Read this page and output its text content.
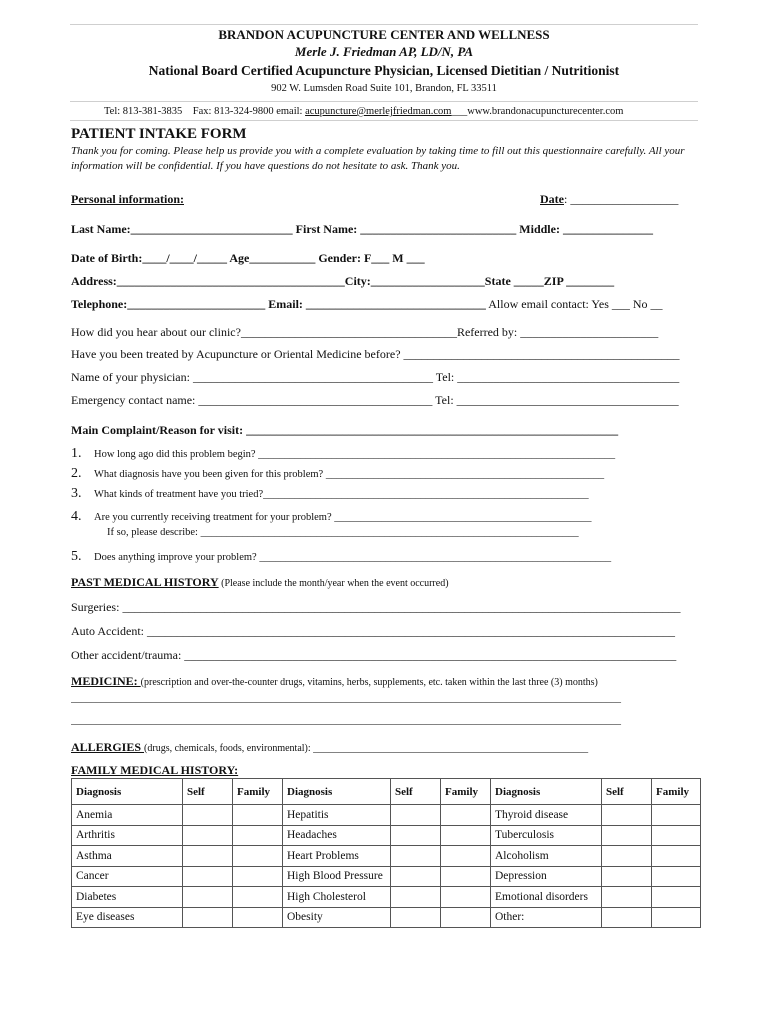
BRANDON ACUPUNCTURE CENTER AND WELLNESS
Merle J. Friedman AP, LD/N, PA
National Board Certified Acupuncture Physician, Licensed Dietitian / Nutritionist
902 W. Lumsden Road Suite 101, Brandon, FL 33511
Tel: 813-381-3835    Fax: 813-324-9800 email: acupuncture@merlejfriedman.com___www.brandonacupuncturecenter.com
PATIENT INTAKE FORM
Thank you for coming. Please help us provide you with a complete evaluation by taking time to fill out this questionnaire carefully. All your information will be confidential. If you have questions do not hesitate to ask. Thank you.
Personal information:	Date: __________________
Last Name:___________________________ First Name: __________________________ Middle: _______________
Date of Birth:____/____/_____ Age___________ Gender: F___ M ___
Address:______________________________________City:___________________State _____ZIP ________
Telephone:_______________________ Email: ______________________________ Allow email contact: Yes ___ No __
How did you hear about our clinic?____________________________________Referred by: _______________________
Have you been treated by Acupuncture or Oriental Medicine before? ______________________________________________
Name of your physician: ________________________________________ Tel: _____________________________________
Emergency contact name: _______________________________________ Tel: _____________________________________
Main Complaint/Reason for visit: ______________________________________________________________
1. How long ago did this problem begin? ____________________________________________________________________
2. What diagnosis have you been given for this problem? _____________________________________________________
3. What kinds of treatment have you tried?______________________________________________________________
4. Are you currently receiving treatment for your problem? _________________________________________________
If so, please describe: ________________________________________________________________________
5. Does anything improve your problem? ___________________________________________________________________
PAST MEDICAL HISTORY (Please include the month/year when the event occurred)
Surgeries: _____________________________________________________________________________________________
Auto Accident: ________________________________________________________________________________________
Other accident/trauma: __________________________________________________________________________________
MEDICINE: (prescription and over-the-counter drugs, vitamins, herbs, supplements, etc. taken within the last three (3) months)
______________________________________________________________________________________________________________
______________________________________________________________________________________________________________
ALLERGIES (drugs, chemicals, foods, environmental): _______________________________________________________
FAMILY MEDICAL HISTORY:
Diagnosis	Self	Family	Diagnosis	Self	Family	Diagnosis	Self	Family
Anemia			Hepatitis			Thyroid disease		
Arthritis			Headaches			Tuberculosis		
Asthma			Heart Problems			Alcoholism		
Cancer			High Blood Pressure			Depression		
Diabetes			High Cholesterol			Emotional disorders		
Eye diseases			Obesity			Other:		
